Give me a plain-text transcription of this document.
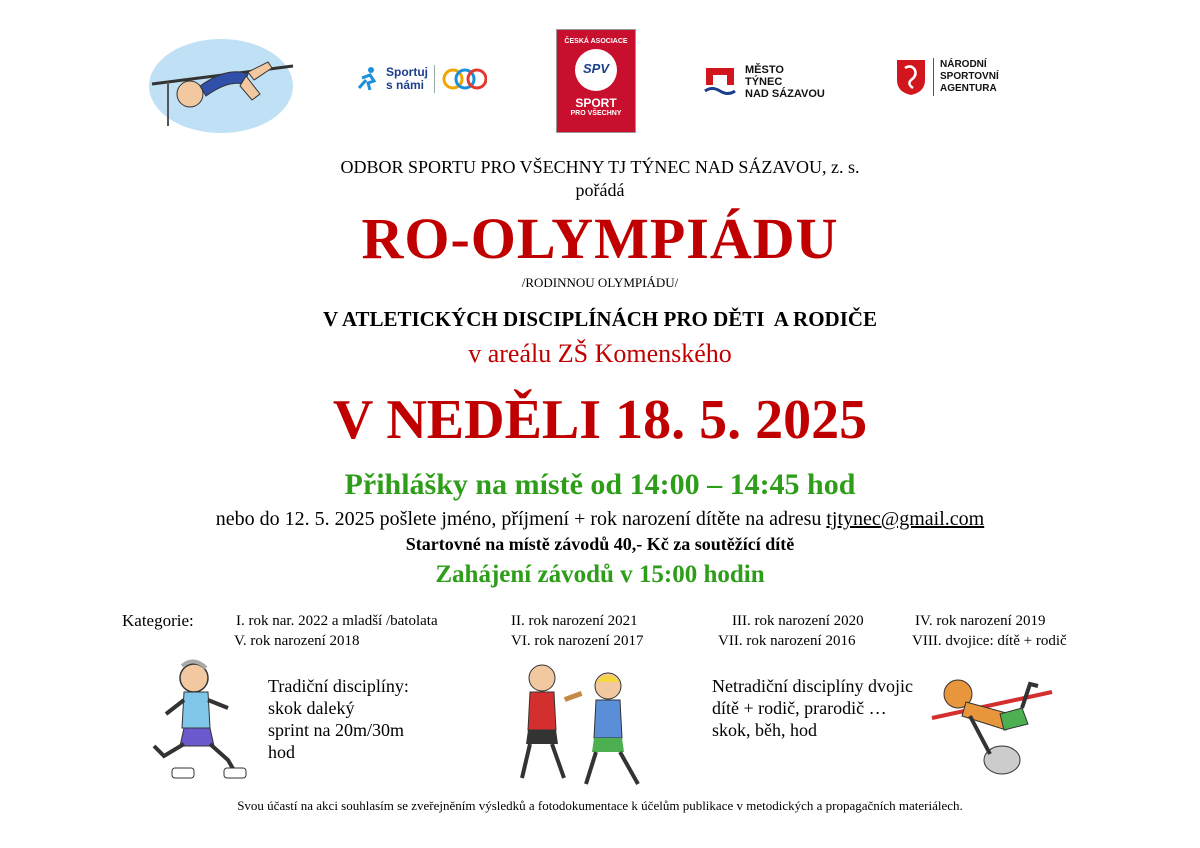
Sportuj
s námi
ČESKÁ ASOCIACE
SPV
SPORT
PRO VŠECHNY
MĚSTO
TÝNEC
NAD SÁZAVOU
NÁRODNÍ
SPORTOVNÍ
AGENTURA
ODBOR SPORTU PRO VŠECHNY TJ TÝNEC NAD SÁZAVOU, z. s.
pořádá
RO-OLYMPIÁDU
/RODINNOU OLYMPIÁDU/
V ATLETICKÝCH DISCIPLÍNÁCH PRO DĚTI  A RODIČE
v areálu ZŠ Komenského
V NEDĚLI 18. 5. 2025
Přihlášky na místě od 14:00 – 14:45 hod
nebo do 12. 5. 2025 pošlete jméno, příjmení + rok narození dítěte na adresu tjtynec@gmail.com
Startovné na místě závodů 40,- Kč za soutěžící dítě
Zahájení závodů v 15:00 hodin
Kategorie:	I. rok nar. 2022 a mladší /batolata	II. rok narození 2021	III. rok narození 2020	IV. rok narození 2019
V. rok narození 2018	VI. rok narození 2017	VII. rok narození 2016	VIII. dvojice: dítě + rodič
Tradiční disciplíny:
skok daleký
sprint na 20m/30m
hod
Netradiční disciplíny dvojic
dítě + rodič, prarodič …
skok, běh, hod
Svou účastí na akci souhlasím se zveřejněním výsledků a fotodokumentace k účelům publikace v metodických a propagačních materiálech.
